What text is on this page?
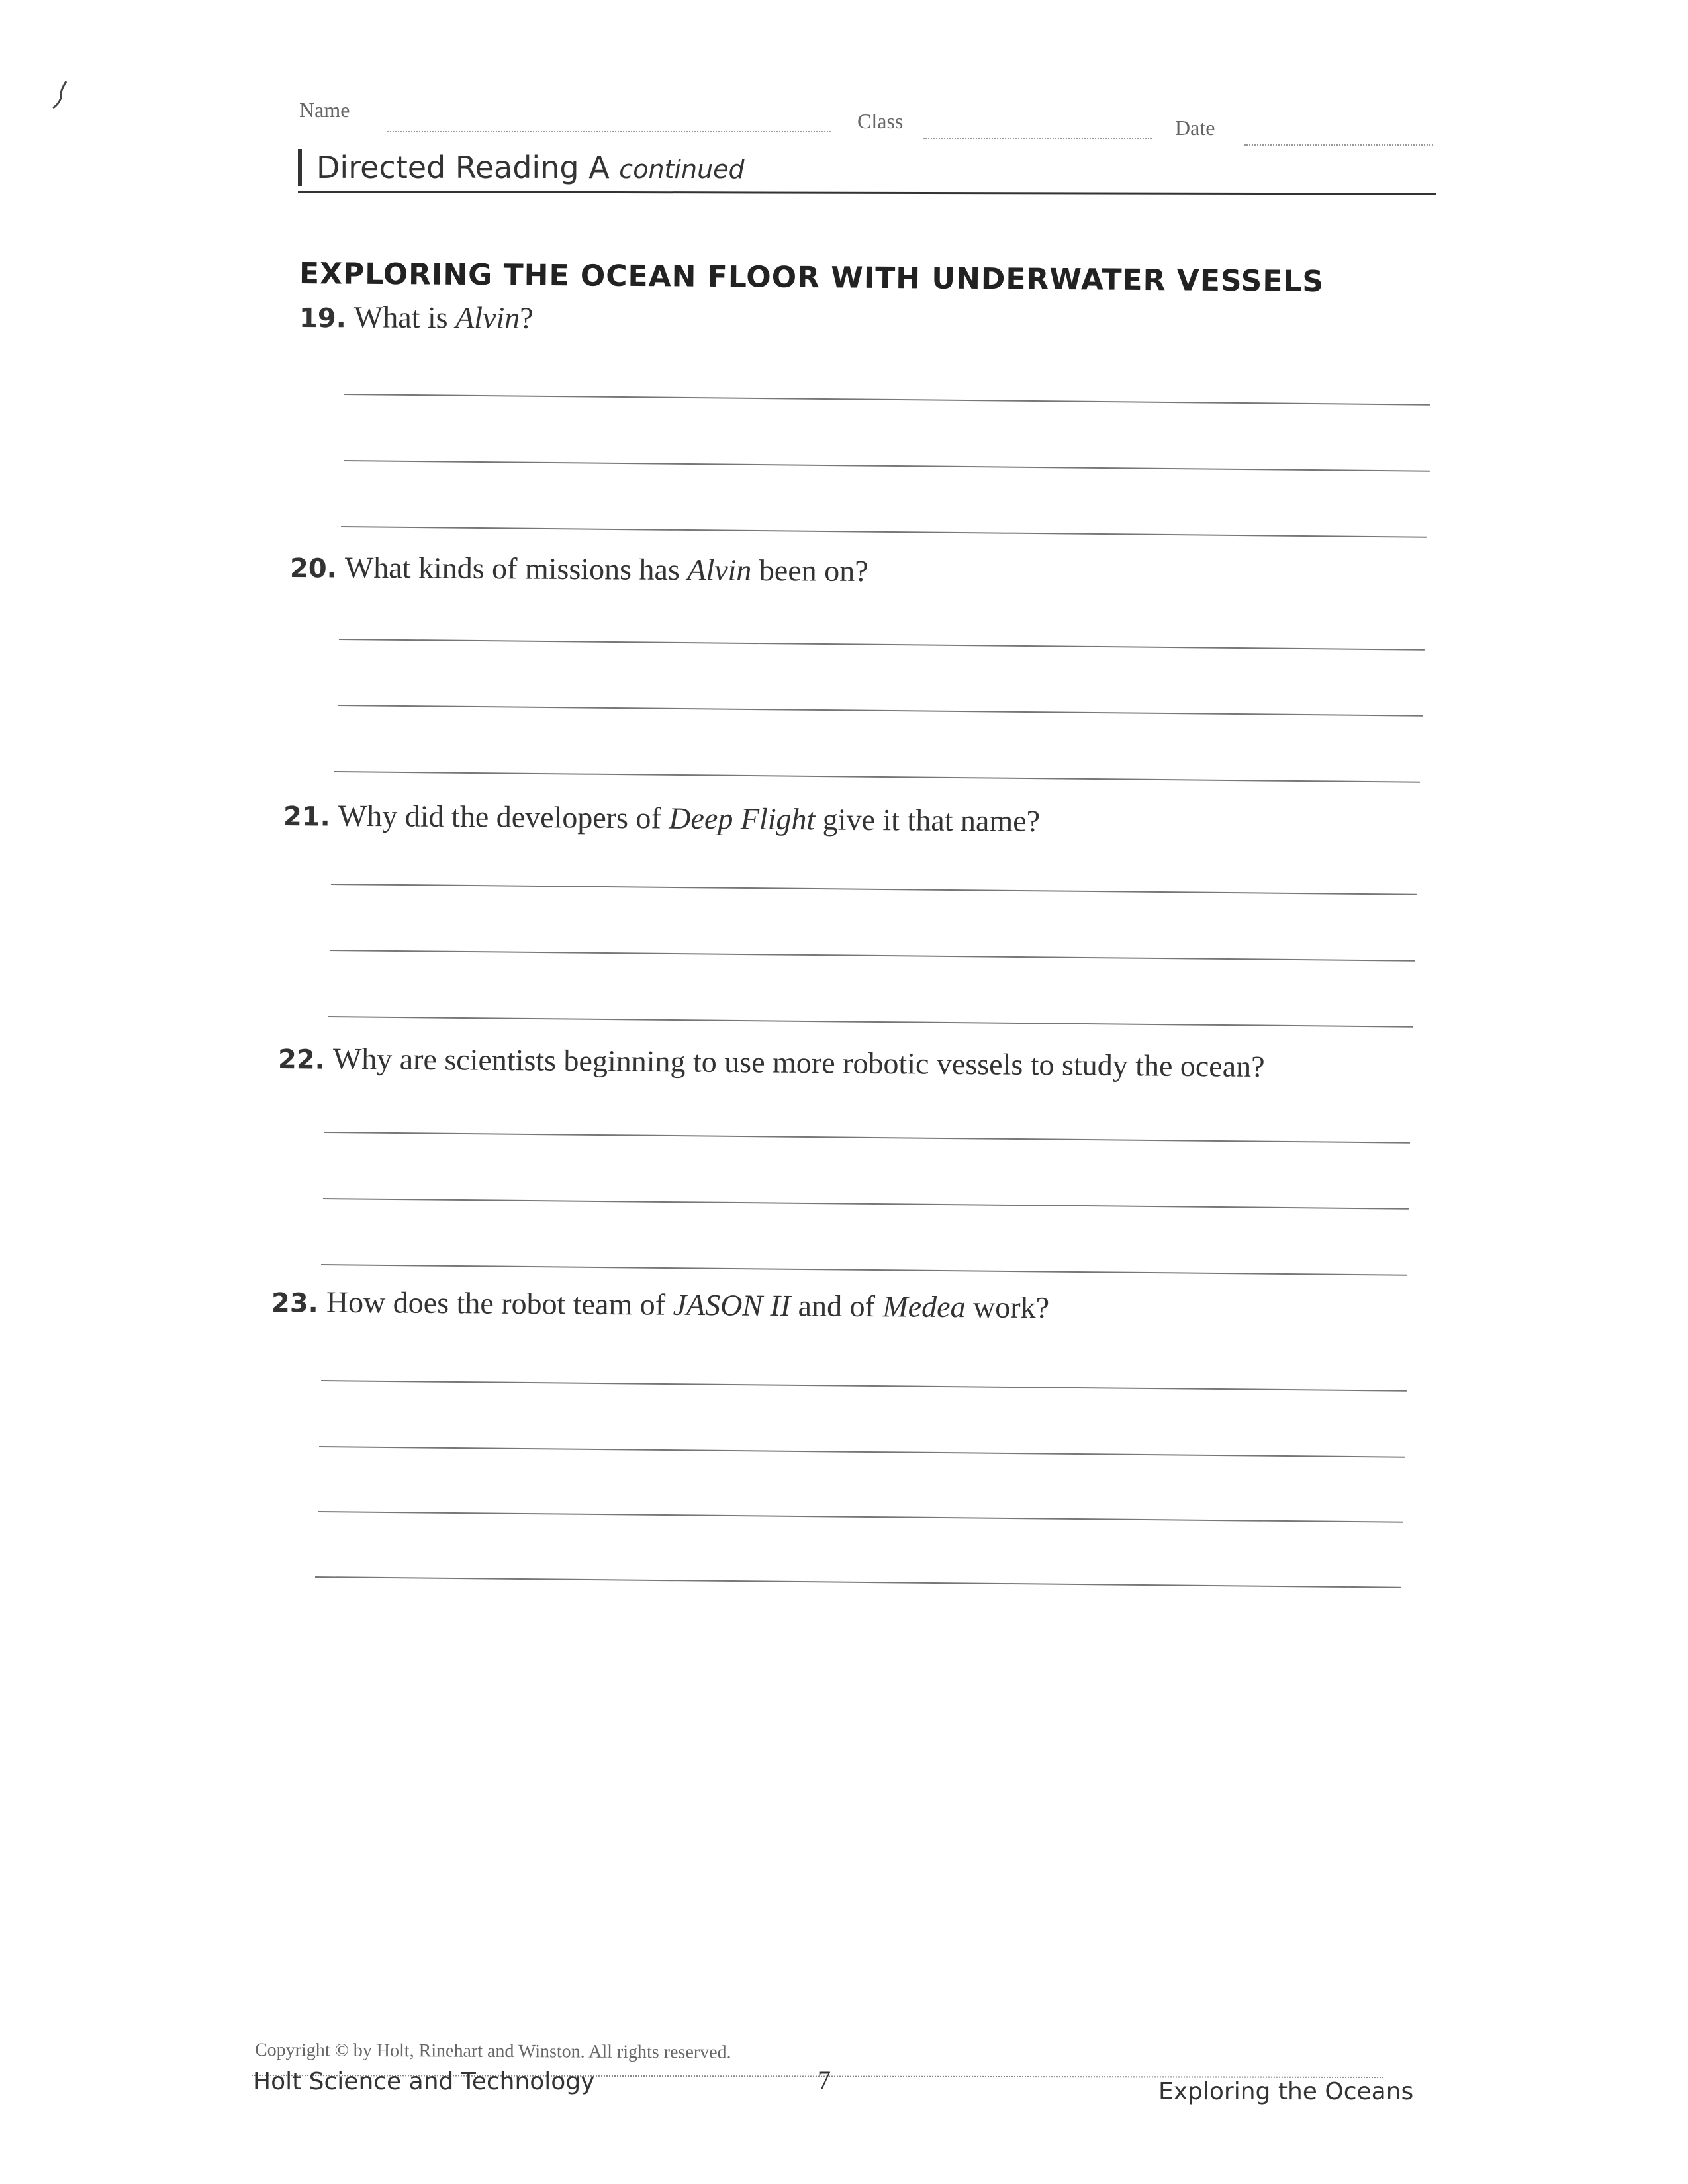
Name	Class	Date
Directed Reading A continued
EXPLORING THE OCEAN FLOOR WITH UNDERWATER VESSELS
19. What is Alvin?
20. What kinds of missions has Alvin been on?
21. Why did the developers of Deep Flight give it that name?
22. Why are scientists beginning to use more robotic vessels to study the ocean?
23. How does the robot team of JASON II and of Medea work?
Copyright © by Holt, Rinehart and Winston. All rights reserved.
Holt Science and Technology	7	Exploring the Oceans
